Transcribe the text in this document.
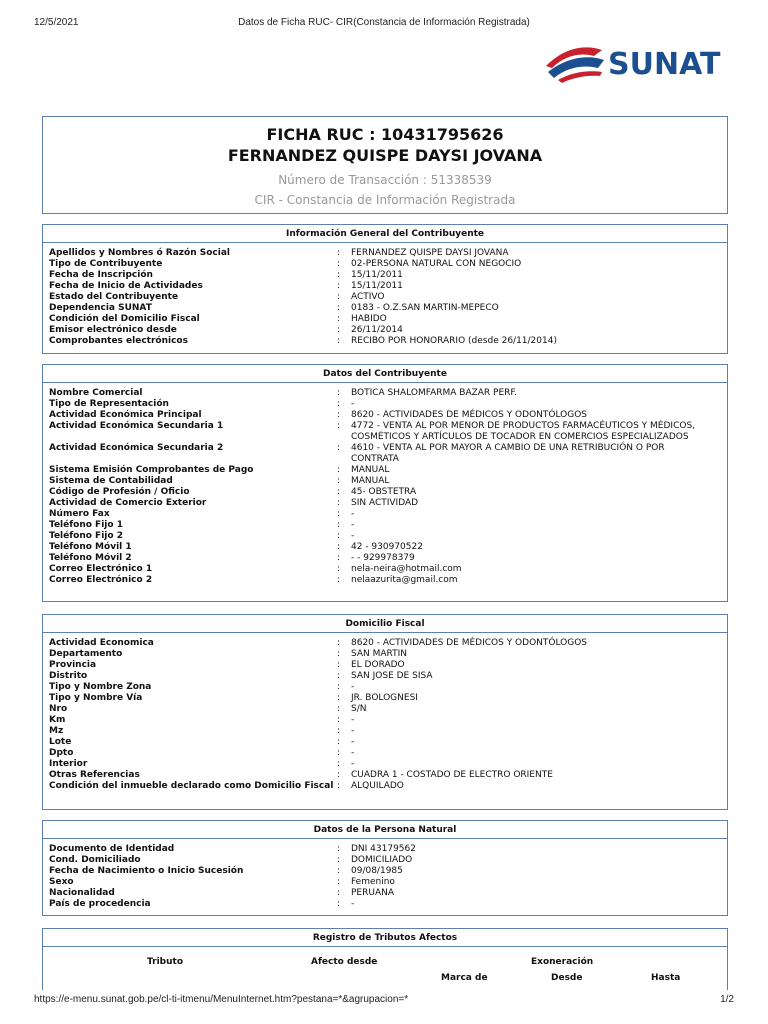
12/5/2021	Datos de Ficha RUC- CIR(Constancia de Información Registrada)
SUNAT
FICHA RUC : 10431795626
FERNANDEZ QUISPE DAYSI JOVANA
Número de Transacción : 51338539
CIR - Constancia de Información Registrada
Información General del Contribuyente
Apellidos y Nombres ó Razón Social	:	FERNANDEZ QUISPE DAYSI JOVANA
Tipo de Contribuyente	:	02-PERSONA NATURAL CON NEGOCIO
Fecha de Inscripción	:	15/11/2011
Fecha de Inicio de Actividades	:	15/11/2011
Estado del Contribuyente	:	ACTIVO
Dependencia SUNAT	:	0183 - O.Z.SAN MARTIN-MEPECO
Condición del Domicilio Fiscal	:	HABIDO
Emisor electrónico desde	:	26/11/2014
Comprobantes electrónicos	:	RECIBO POR HONORARIO (desde 26/11/2014)
Datos del Contribuyente
Nombre Comercial	:	BOTICA SHALOMFARMA BAZAR PERF.
Tipo de Representación	:	-
Actividad Económica Principal	:	8620 - ACTIVIDADES DE MÉDICOS Y ODONTÓLOGOS
Actividad Económica Secundaria 1	:	4772 - VENTA AL POR MENOR DE PRODUCTOS FARMACÉUTICOS Y MÉDICOS, COSMÉTICOS Y ARTÍCULOS DE TOCADOR EN COMERCIOS ESPECIALIZADOS
Actividad Económica Secundaria 2	:	4610 - VENTA AL POR MAYOR A CAMBIO DE UNA RETRIBUCIÓN O POR CONTRATA
Sistema Emisión Comprobantes de Pago	:	MANUAL
Sistema de Contabilidad	:	MANUAL
Código de Profesión / Oficio	:	45- OBSTETRA
Actividad de Comercio Exterior	:	SIN ACTIVIDAD
Número Fax	:	-
Teléfono Fijo 1	:	-
Teléfono Fijo 2	:	-
Teléfono Móvil 1	:	42 - 930970522
Teléfono Móvil 2	:	- - 929978379
Correo Electrónico 1	:	nela-neira@hotmail.com
Correo Electrónico 2	:	nelaazurita@gmail.com
Domicilio Fiscal
Actividad Economica	:	8620 - ACTIVIDADES DE MÉDICOS Y ODONTÓLOGOS
Departamento	:	SAN MARTIN
Provincia	:	EL DORADO
Distrito	:	SAN JOSE DE SISA
Tipo y Nombre Zona	:	-
Tipo y Nombre Vía	:	JR. BOLOGNESI
Nro	:	S/N
Km	:	-
Mz	:	-
Lote	:	-
Dpto	:	-
Interior	:	-
Otras Referencias	:	CUADRA 1 - COSTADO DE ELECTRO ORIENTE
Condición del inmueble declarado como Domicilio Fiscal :	ALQUILADO
Datos de la Persona Natural
Documento de Identidad	:	DNI 43179562
Cond. Domiciliado	:	DOMICILIADO
Fecha de Nacimiento o Inicio Sucesión	:	09/08/1985
Sexo	:	Femenino
Nacionalidad	:	PERUANA
País de procedencia	:	-
Registro de Tributos Afectos
Tributo	Afecto desde	Exoneración
Marca de	Desde	Hasta
https://e-menu.sunat.gob.pe/cl-ti-itmenu/MenuInternet.htm?pestana=*&agrupacion=*	1/2
